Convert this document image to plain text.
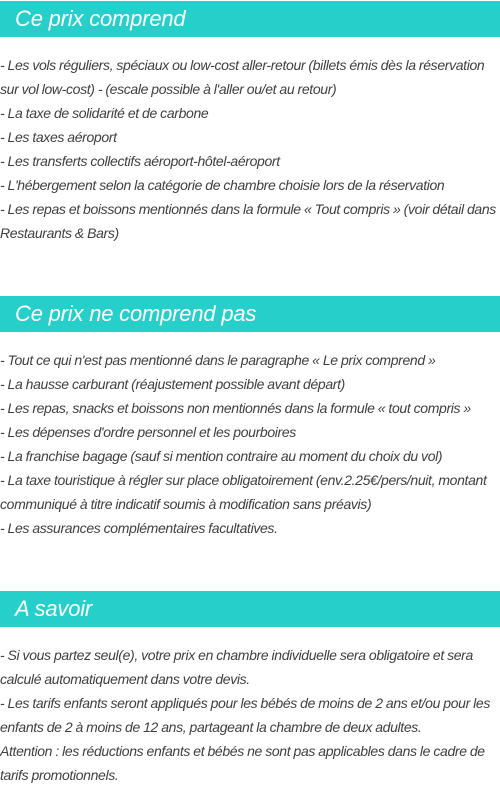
Ce prix comprend
- Les vols réguliers, spéciaux ou low-cost aller-retour (billets émis dès la réservation sur vol low-cost) - (escale possible à l'aller ou/et au retour)
- La taxe de solidarité et de carbone
- Les taxes aéroport
- Les transferts collectifs aéroport-hôtel-aéroport
- L'hébergement selon la catégorie de chambre choisie lors de la réservation
- Les repas et boissons mentionnés dans la formule « Tout compris » (voir détail dans Restaurants & Bars)
Ce prix ne comprend pas
- Tout ce qui n'est pas mentionné dans le paragraphe « Le prix comprend »
- La hausse carburant (réajustement possible avant départ)
- Les repas, snacks et boissons non mentionnés dans la formule « tout compris »
- Les dépenses d'ordre personnel et les pourboires
- La franchise bagage (sauf si mention contraire au moment du choix du vol)
- La taxe touristique à régler sur place obligatoirement (env.2.25€/pers/nuit, montant communiqué à titre indicatif soumis à modification sans préavis)
- Les assurances complémentaires facultatives.
A savoir
- Si vous partez seul(e), votre prix en chambre individuelle sera obligatoire et sera calculé automatiquement dans votre devis.
- Les tarifs enfants seront appliqués pour les bébés de moins de 2 ans et/ou pour les enfants de 2 à moins de 12 ans, partageant la chambre de deux adultes.
Attention : les réductions enfants et bébés ne sont pas applicables dans le cadre de tarifs promotionnels.
